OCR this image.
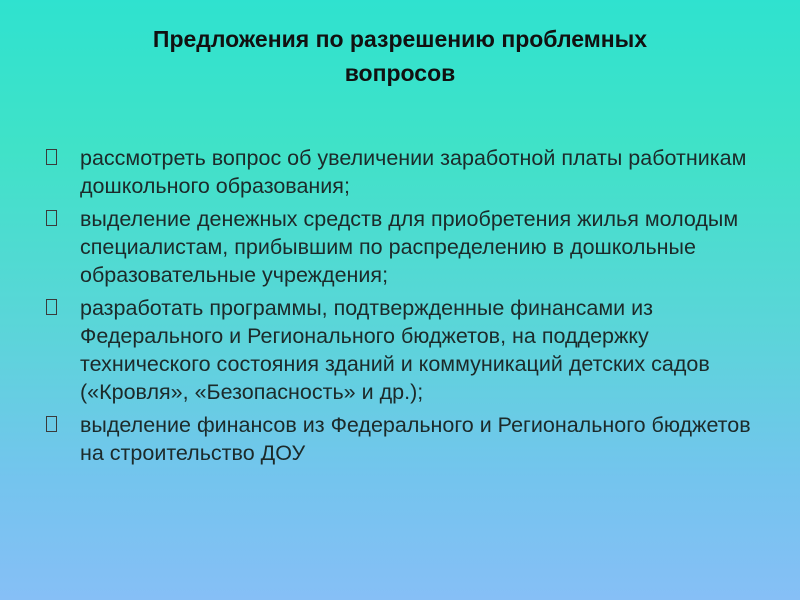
Предложения по разрешению проблемных
вопросов
рассмотреть вопрос об увеличении заработной платы работникам дошкольного образования;
выделение денежных средств для приобретения жилья молодым специалистам, прибывшим по распределению в дошкольные образовательные учреждения;
разработать программы, подтвержденные финансами из Федерального и Регионального бюджетов, на поддержку технического состояния зданий и коммуникаций детских садов («Кровля», «Безопасность» и др.);
выделение финансов из Федерального и Регионального бюджетов на строительство ДОУ
